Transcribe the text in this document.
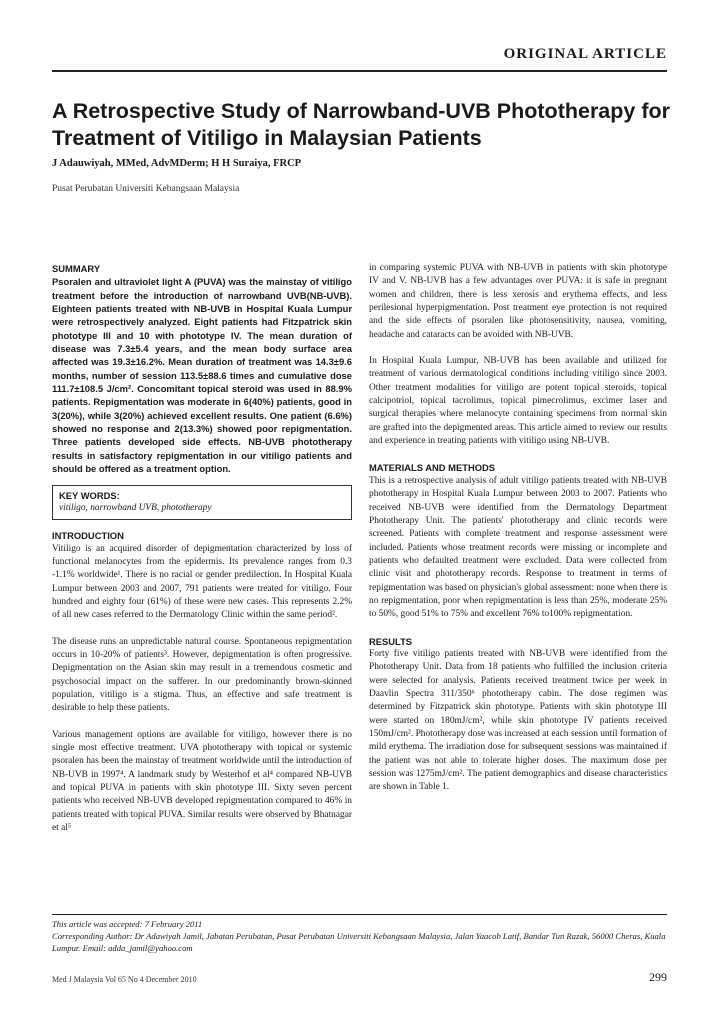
ORIGINAL ARTICLE
A Retrospective Study of Narrowband-UVB Phototherapy for Treatment of Vitiligo in Malaysian Patients
J Adauwiyah, MMed, AdvMDerm; H H Suraiya, FRCP
Pusat Perubatan Universiti Kebangsaan Malaysia

SUMMARY

Psoralen and ultraviolet light A (PUVA) was the mainstay of vitiligo treatment before the introduction of narrowband UVB(NB-UVB). Eighteen patients treated with NB-UVB in Hospital Kuala Lumpur were retrospectively analyzed. Eight patients had Fitzpatrick skin phototype III and 10 with phototype IV. The mean duration of disease was 7.3±5.4 years, and the mean body surface area affected was 19.3±16.2%. Mean duration of treatment was 14.3±9.6 months, number of session 113.5±88.6 times and cumulative dose 111.7±108.5 J/cm². Concomitant topical steroid was used in 88.9% patients. Repigmentation was moderate in 6(40%) patients, good in 3(20%), while 3(20%) achieved excellent results. One patient (6.6%) showed no response and 2(13.3%) showed poor repigmentation. Three patients developed side effects. NB-UVB phototherapy results in satisfactory repigmentation in our vitiligo patients and should be offered as a treatment option.

KEY WORDS:
vitiligo, narrowband UVB, phototherapy

INTRODUCTION

Vitiligo is an acquired disorder of depigmentation characterized by loss of functional melanocytes from the epidermis. Its prevalence ranges from 0.3 -1.1% worldwide¹. There is no racial or gender predilection. In Hospital Kuala Lumpur between 2003 and 2007, 791 patients were treated for vitiligo. Four hundred and eighty four (61%) of these were new cases. This represents 2.2% of all new cases referred to the Dermatology Clinic within the same period².

The disease runs an unpredictable natural course. Spontaneous repigmentation occurs in 10-20% of patients³. However, depigmentation is often progressive. Depigmentation on the Asian skin may result in a tremendous cosmetic and psychosocial impact on the sufferer. In our predominantly brown-skinned population, vitiligo is a stigma. Thus, an effective and safe treatment is desirable to help these patients.

Various management options are available for vitiligo, however there is no single most effective treatment. UVA phototherapy with topical or systemic psoralen has been the mainstay of treatment worldwide until the introduction of NB-UVB in 1997⁴. A landmark study by Westerhof et al⁴ compared NB-UVB and topical PUVA in patients with skin phototype III. Sixty seven percent patients who received NB-UVB developed repigmentation compared to 46% in patients treated with topical PUVA. Similar results were observed by Bhatnagar et al⁵

in comparing systemic PUVA with NB-UVB in patients with skin phototype IV and V. NB-UVB has a few advantages over PUVA: it is safe in pregnant women and children, there is less xerosis and erythema effects, and less perilesional hyperpigmentation. Post treatment eye protection is not required and the side effects of psoralen like photosensitivity, nausea, vomiting, headache and cataracts can be avoided with NB-UVB.

In Hospital Kuala Lumpur, NB-UVB has been available and utilized for treatment of various dermatological conditions including vitiligo since 2003. Other treatment modalities for vitiligo are potent topical steroids, topical calcipotriol, topical tacrolimus, topical pimecrolimus, excimer laser and surgical therapies where melanocyte containing specimens from normal skin are grafted into the depigmented areas. This article aimed to review our results and experience in treating patients with vitiligo using NB-UVB.

MATERIALS AND METHODS

This is a retrospective analysis of adult vitiligo patients treated with NB-UVB phototherapy in Hospital Kuala Lumpur between 2003 to 2007. Patients who received NB-UVB were identified from the Dermatology Department Phototherapy Unit. The patients' phototherapy and clinic records were screened. Patients with complete treatment and response assessment were included. Patients whose treatment records were missing or incomplete and patients who defaulted treatment were excluded. Data were collected from clinic visit and phototherapy records. Response to treatment in terms of repigmentation was based on physician's global assessment: none when there is no repigmentation, poor when repigmentation is less than 25%, moderate 25% to 50%, good 51% to 75% and excellent 76% to100% repigmentation.

RESULTS

Forty five vitiligo patients treated with NB-UVB were identified from the Phototherapy Unit. Data from 18 patients who fulfilled the inclusion criteria were selected for analysis. Patients received treatment twice per week in Daavlin Spectra 311/350⁶ phototherapy cabin. The dose regimen was determined by Fitzpatrick skin phototype. Patients with skin phototype III were started on 180mJ/cm², while skin phototype IV patients received 150mJ/cm². Phototherapy dose was increased at each session until formation of mild erythema. The irradiation dose for subsequent sessions was maintained if the patient was not able to tolerate higher doses. The maximum dose per session was 1275mJ/cm². The patient demographics and disease characteristics are shown in Table 1.

This article was accepted: 7 February 2011

Corresponding Author: Dr Adawiyah Jamil, Jabatan Perubatan, Pusat Perubatan Universiti Kebangsaan Malaysia, Jalan Yaacob Latif, Bandar Tun Razak, 56000 Cheras, Kuala Lumpur. Email: adda_jamil@yahoo.com

Med J Malaysia Vol 65 No 4 December 2010	299
